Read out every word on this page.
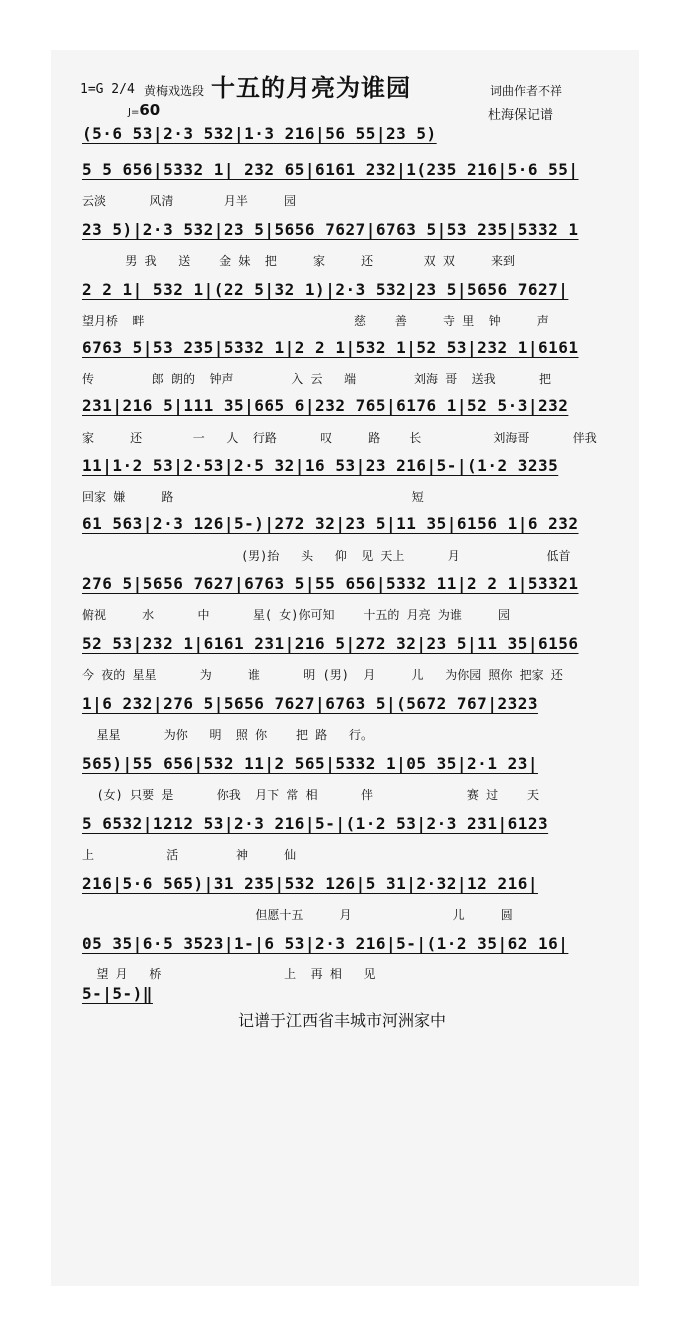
1=G 2/4 黄梅戏选段 十五的月亮为谁园
J=60
词曲作者不祥
杜海保记谱
(5·6 53|2·3 532|1·3 216|56 55|23 5)
5 5 656|5332 1| 232 65|6161 232|1(235 216|5·6 55|
云淡      风清       月半     园
23 5)|2·3 532|23 5|5656 7627|6763 5|53 235|5332 1
男 我   送    金 妹  把     家     还       双 双     来到
2 2 1| 532 1|(22 5|32 1)|2·3 532|23 5|5656 7627|
望月桥  畔                             慈    善     寺 里  钟     声
6763 5|53 235|5332 1|2 2 1|532 1|52 53|232 1|6161
传        郎 朗的  钟声        入 云   端        刘海 哥  送我      把
231|216 5|111 35|665 6|232 765|6176 1|52 5·3|232
家     还       一   人  行路      叹     路    长          刘海哥      伴我
11|1·2 53|2·53|2·5 32|16 53|23 216|5-|(1·2 3235
回家 嫌     路                                 短
61 563|2·3 126|5-)|272 32|23 5|11 35|6156 1|6 232
(男)抬   头   仰  见 天上      月            低首
276 5|5656 7627|6763 5|55 656|5332 11|2 2 1|53321
俯视     水      中      星( 女)你可知    十五的 月亮 为谁     园
52 53|232 1|6161 231|216 5|272 32|23 5|11 35|6156
今 夜的 星星      为     谁      明 (男)  月     儿   为你园 照你 把家 还
1|6 232|276 5|5656 7627|6763 5|(5672 767|2323
星星      为你   明  照 你    把 路   行。
565)|55 656|532 11|2 565|5332 1|05 35|2·1 23|
(女) 只要 是      你我  月下 常 相      伴             赛 过    天
5 6532|1212 53|2·3 216|5-|(1·2 53|2·3 231|6123
上          活        神     仙
216|5·6 565)|31 235|532 126|5 31|2·32|12 216|
但愿十五     月              儿     圆
05 35|6·5 3523|1-|6 53|2·3 216|5-|(1·2 35|62 16|
望 月   桥                 上  再 相   见
5-|5-)‖
记谱于江西省丰城市河洲家中
